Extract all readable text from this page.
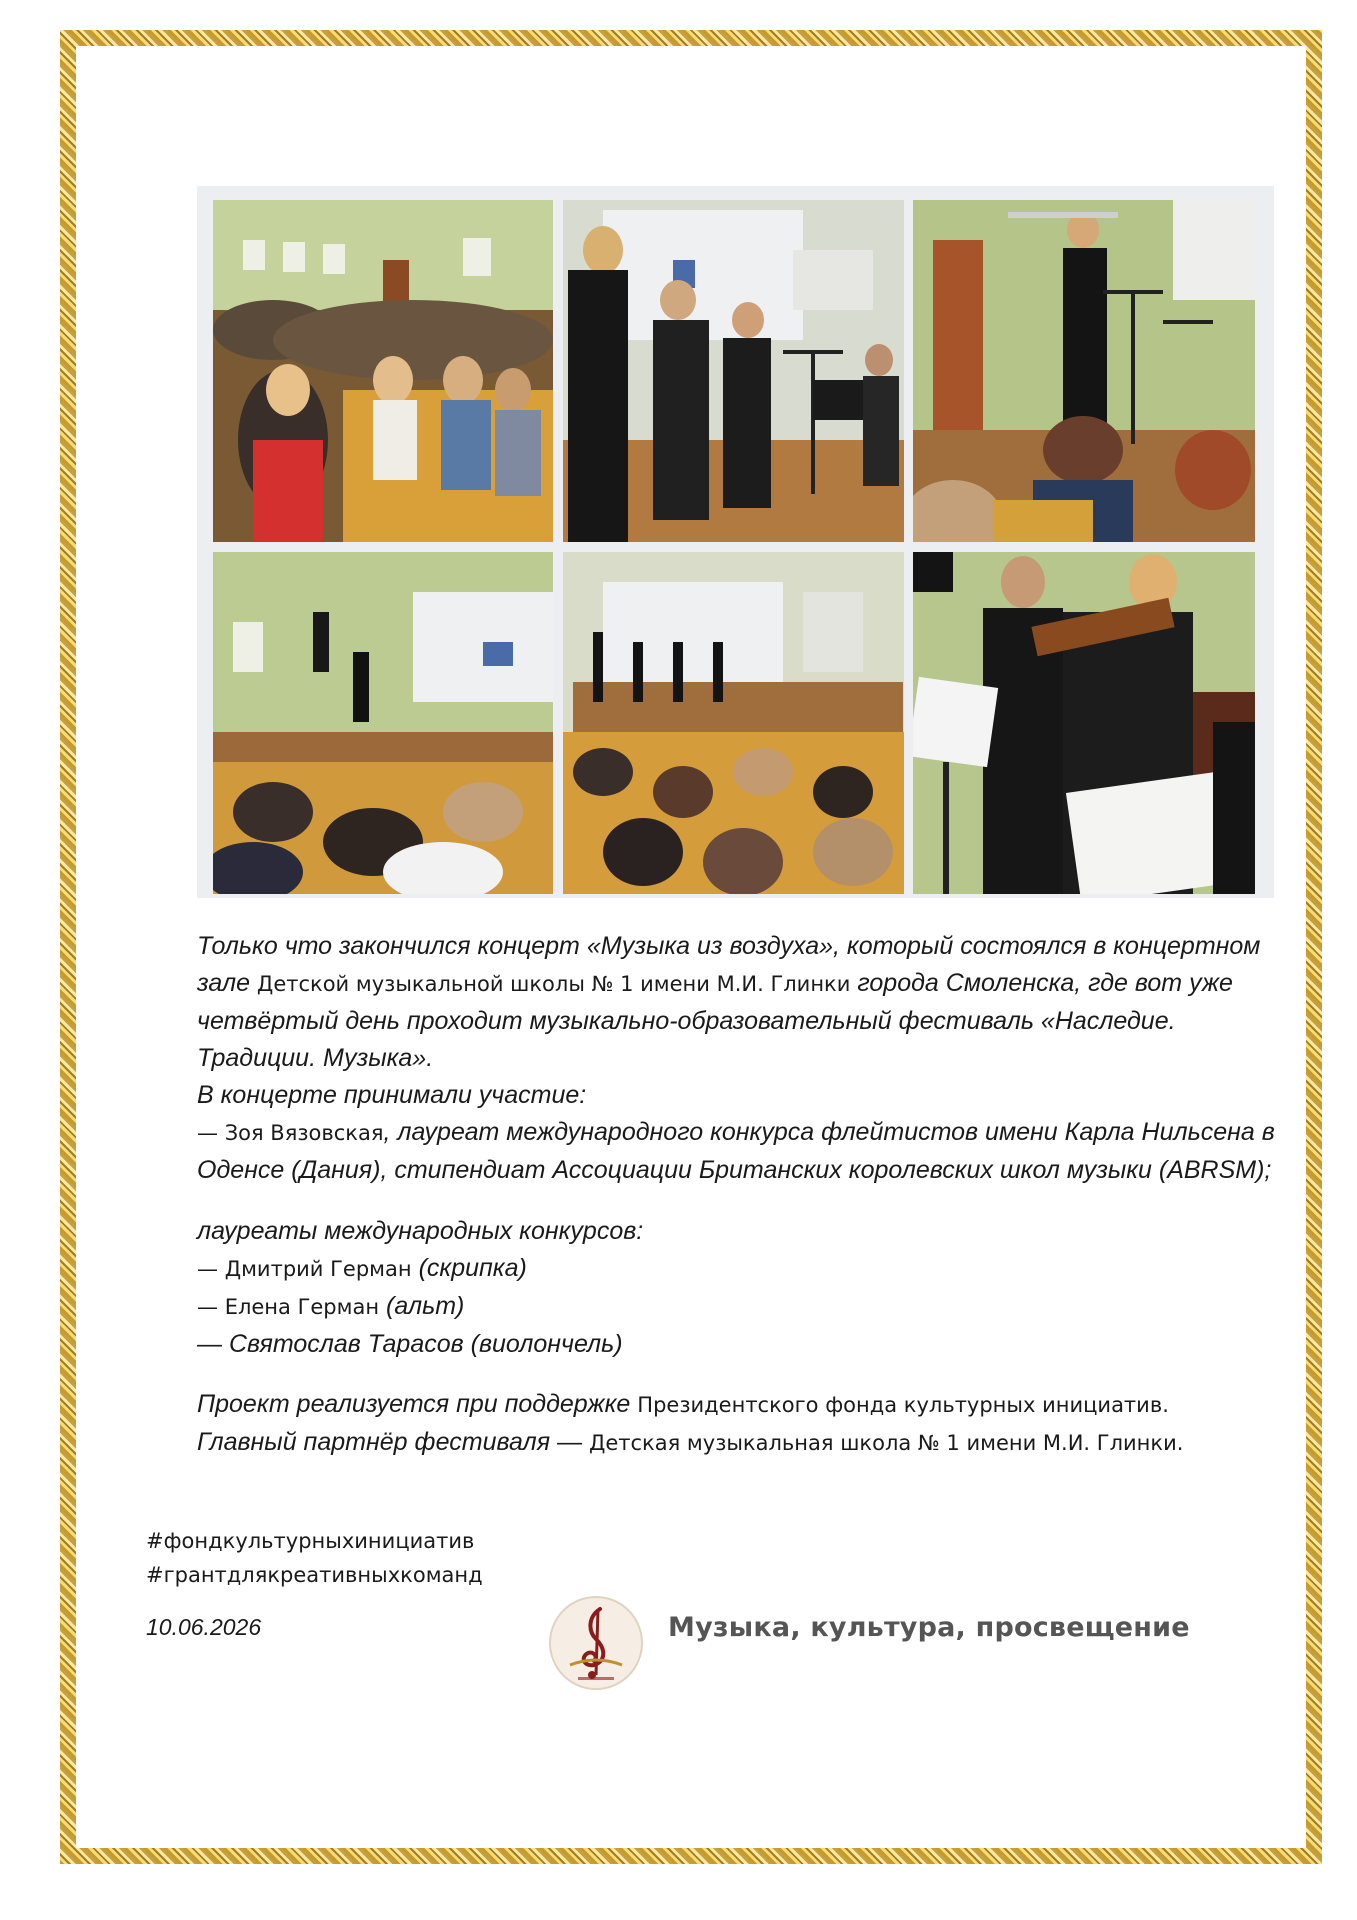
Только что закончился концерт «Музыка из воздуха», который состоялся в концертном зале Детской музыкальной школы № 1 имени М.И. Глинки города Смоленска, где вот уже четвёртый день проходит музыкально-образовательный фестиваль «Наследие. Традиции. Музыка».

В концерте принимали участие:

— Зоя Вязовская, лауреат международного конкурса флейтистов имени Карла Нильсена в Оденсе (Дания), стипендиат Ассоциации Британских королевских школ музыки (ABRSM);

лауреаты международных конкурсов:

— Дмитрий Герман (скрипка)

— Елена Герман (альт)

— Святослав Тарасов (виолончель)

Проект реализуется при поддержке Президентского фонда культурных инициатив.

Главный партнёр фестиваля — Детская музыкальная школа № 1 имени М.И. Глинки.

#фондкультурныхинициатив
#грантдлякреативныхкоманд
10.06.2026	Музыка, культура, просвещение
